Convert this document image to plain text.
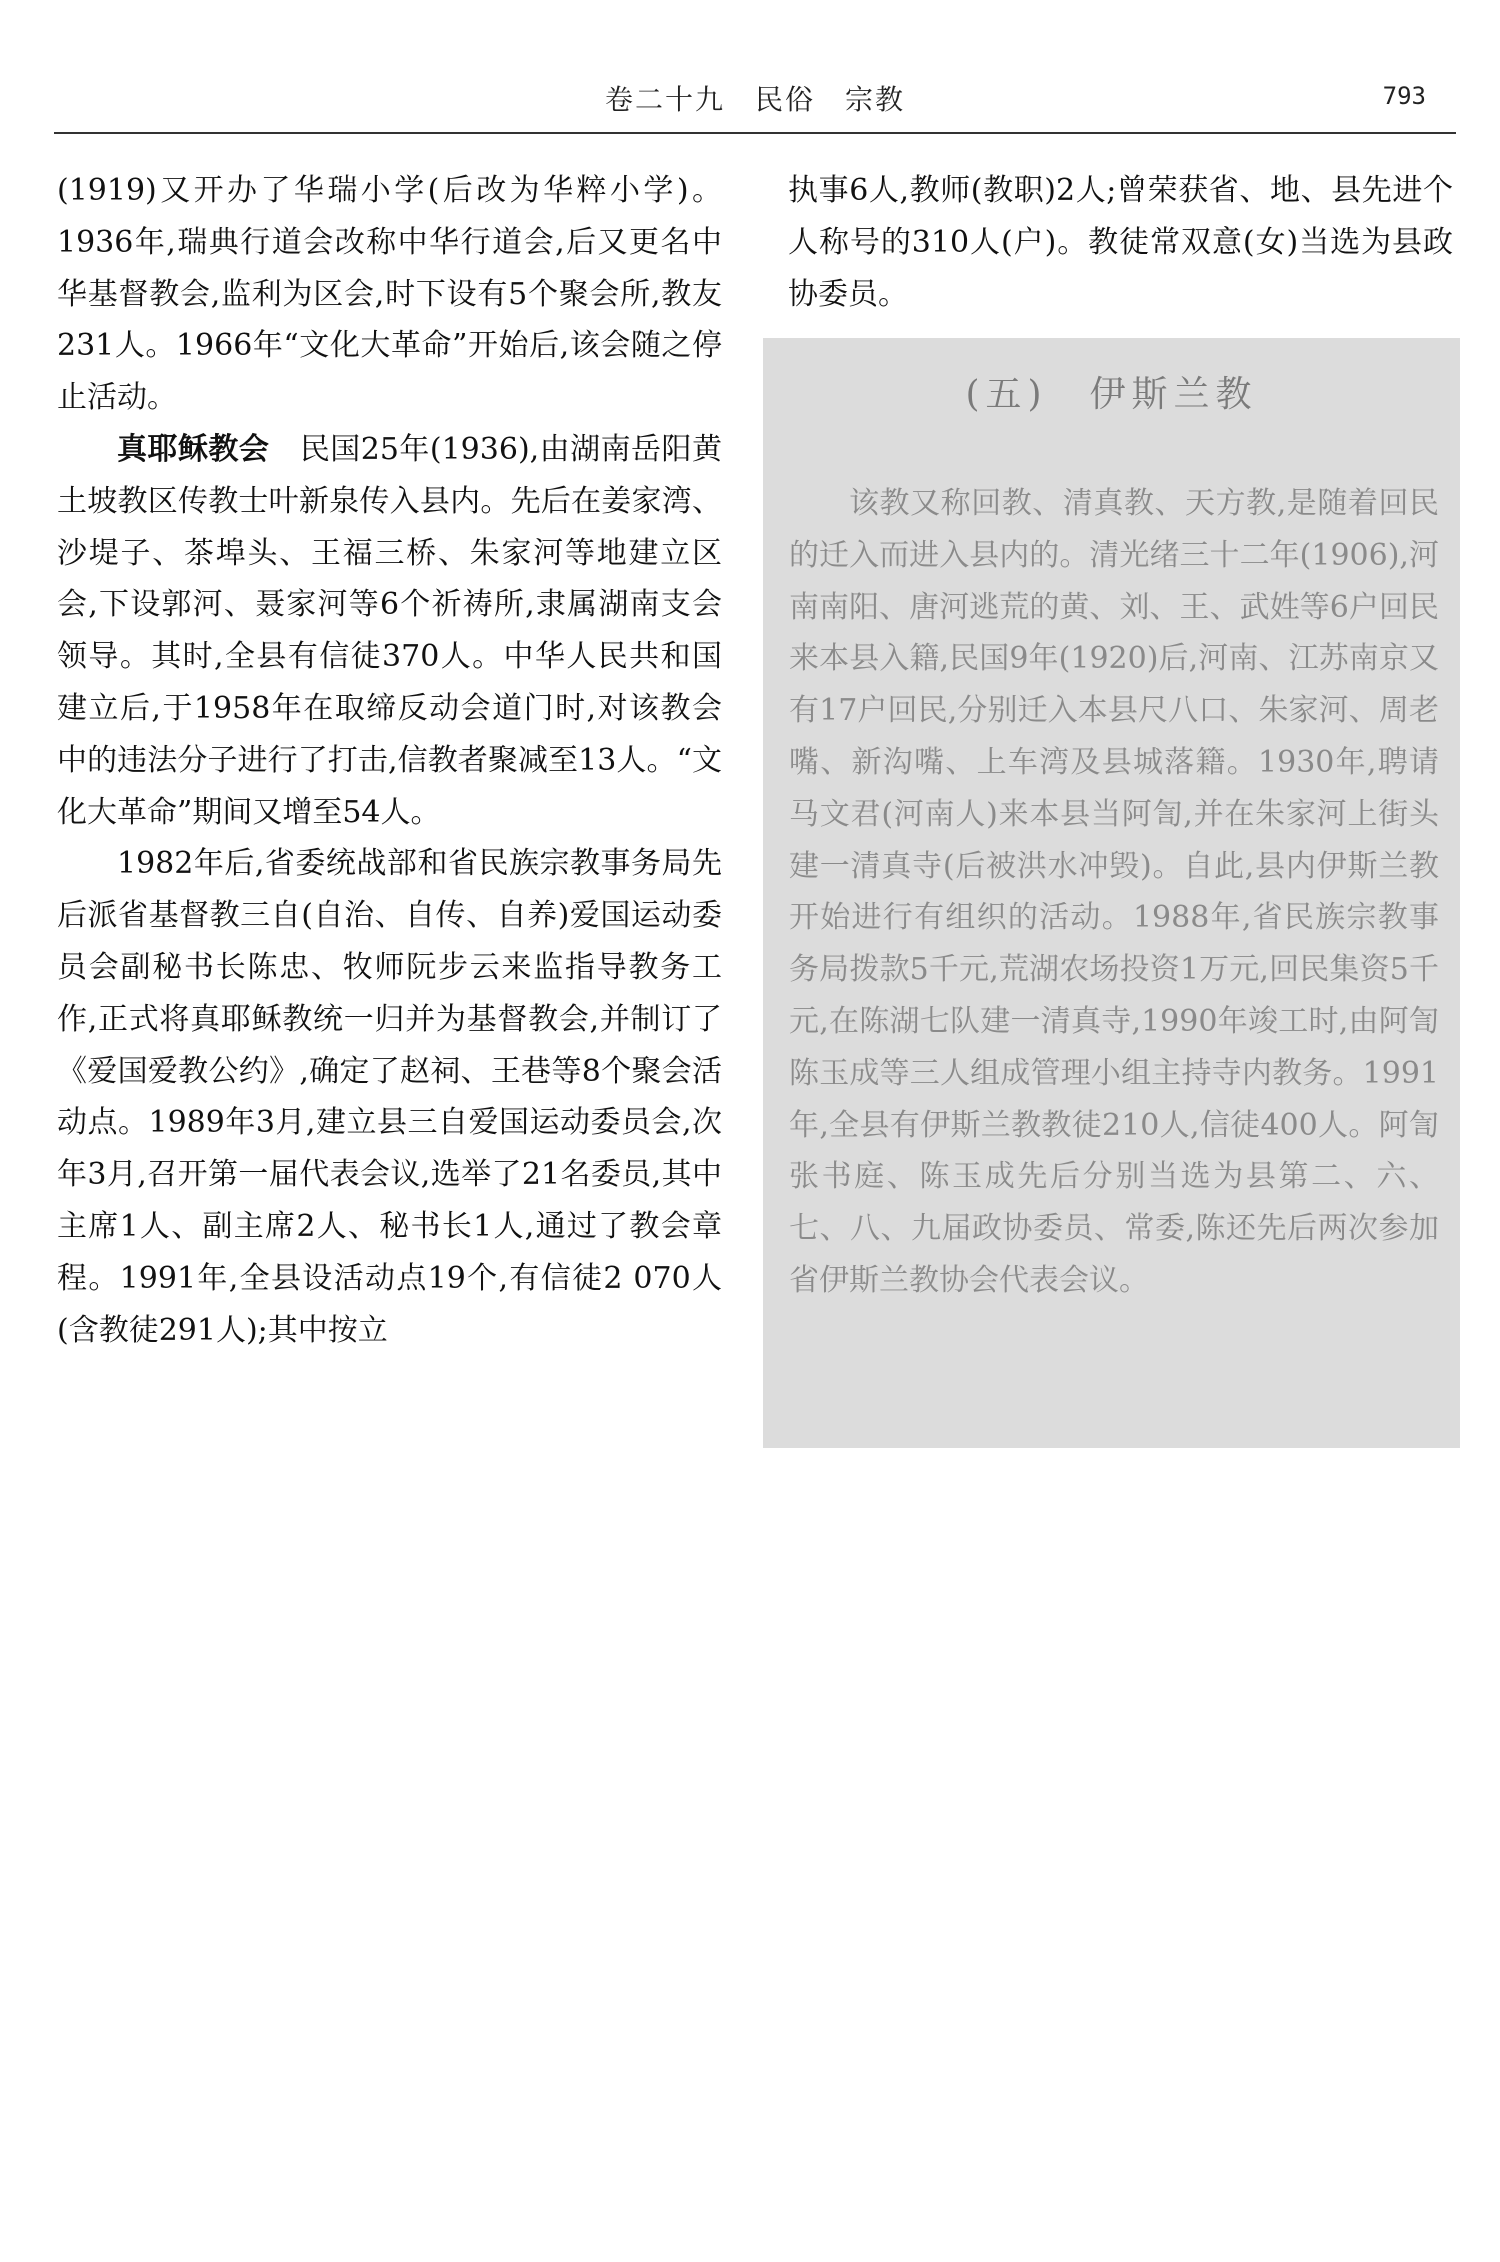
卷二十九　民俗　宗教	793

(1919)又开办了华瑞小学(后改为华粹小学)。1936年,瑞典行道会改称中华行道会,后又更名中华基督教会,监利为区会,时下设有5个聚会所,教友231人。1966年“文化大革命”开始后,该会随之停止活动。

真耶稣教会　民国25年(1936),由湖南岳阳黄土坡教区传教士叶新泉传入县内。先后在姜家湾、沙堤子、茶埠头、王福三桥、朱家河等地建立区会,下设郭河、聂家河等6个祈祷所,隶属湖南支会领导。其时,全县有信徒370人。中华人民共和国建立后,于1958年在取缔反动会道门时,对该教会中的违法分子进行了打击,信教者聚减至13人。“文化大革命”期间又增至54人。

1982年后,省委统战部和省民族宗教事务局先后派省基督教三自(自治、自传、自养)爱国运动委员会副秘书长陈忠、牧师阮步云来监指导教务工作,正式将真耶稣教统一归并为基督教会,并制订了《爱国爱教公约》,确定了赵祠、王巷等8个聚会活动点。1989年3月,建立县三自爱国运动委员会,次年3月,召开第一届代表会议,选举了21名委员,其中主席1人、副主席2人、秘书长1人,通过了教会章程。1991年,全县设活动点19个,有信徒2 070人(含教徒291人);其中按立

执事6人,教师(教职)2人;曾荣获省、地、县先进个人称号的310人(户)。教徒常双意(女)当选为县政协委员。

(五)　伊斯兰教

该教又称回教、清真教、天方教,是随着回民的迁入而进入县内的。清光绪三十二年(1906),河南南阳、唐河逃荒的黄、刘、王、武姓等6户回民来本县入籍,民国9年(1920)后,河南、江苏南京又有17户回民,分别迁入本县尺八口、朱家河、周老嘴、新沟嘴、上车湾及县城落籍。1930年,聘请马文君(河南人)来本县当阿訇,并在朱家河上街头建一清真寺(后被洪水冲毁)。自此,县内伊斯兰教开始进行有组织的活动。1988年,省民族宗教事务局拨款5千元,荒湖农场投资1万元,回民集资5千元,在陈湖七队建一清真寺,1990年竣工时,由阿訇陈玉成等三人组成管理小组主持寺内教务。1991年,全县有伊斯兰教教徒210人,信徒400人。阿訇张书庭、陈玉成先后分别当选为县第二、六、七、八、九届政协委员、常委,陈还先后两次参加省伊斯兰教协会代表会议。
